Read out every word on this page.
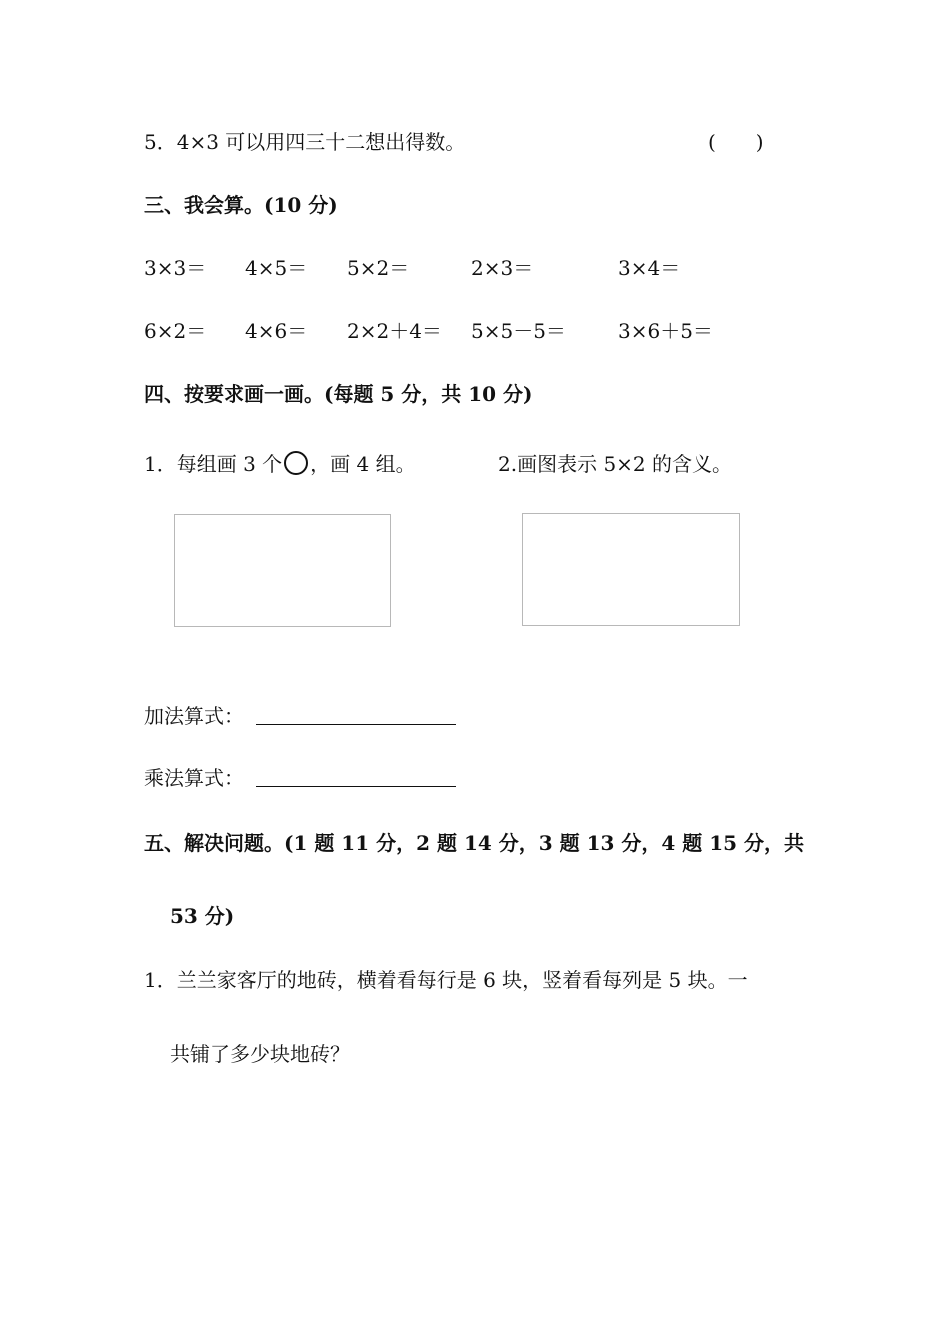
5．4×3 可以用四三十二想出得数。	(　　)
三、我会算。(10 分)
3×3＝ 4×5＝ 5×2＝	2×3＝	3×4＝
6×2＝ 4×6＝ 2×2＋4＝ 5×5－5＝	3×6＋5＝
四、按要求画一画。(每题 5 分，共 10 分)
1．每组画 3 个 ，画 4 组。	2.画图表示 5×2 的含义。
加法算式：
乘法算式：
五、解决问题。(1 题 11 分，2 题 14 分，3 题 13 分，4 题 15 分，共
53 分)
1．兰兰家客厅的地砖，横着看每行是 6 块，竖着看每列是 5 块。一
共铺了多少块地砖？
